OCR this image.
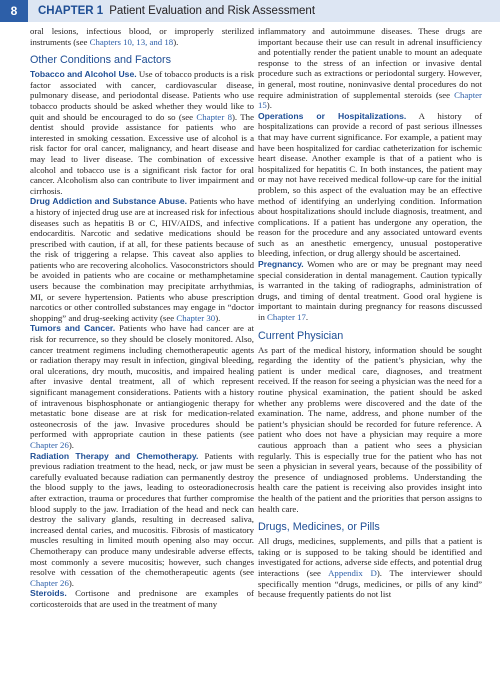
8	CHAPTER 1 Patient Evaluation and Risk Assessment

oral lesions, infectious blood, or improperly sterilized instruments (see Chapters 10, 13, and 18).

Other Conditions and Factors

Tobacco and Alcohol Use. Use of tobacco products is a risk factor associated with cancer, cardiovascular disease, pulmonary disease, and periodontal disease. Patients who use tobacco products should be asked whether they would like to quit and should be encouraged to do so (see Chapter 8). The dentist should provide assistance for patients who are interested in smoking cessation. Excessive use of alcohol is a risk factor for oral cancer, malignancy, and heart disease and may lead to liver disease. The combination of excessive alcohol and tobacco use is a significant risk factor for oral cancer. Alcoholism also can contribute to liver impairment and cirrhosis.

Drug Addiction and Substance Abuse. Patients who have a history of injected drug use are at increased risk for infectious diseases such as hepatitis B or C, HIV/AIDS, and infective endocarditis. Narcotic and sedative medications should be prescribed with caution, if at all, for these patients because of the risk of triggering a relapse. This caveat also applies to patients who are recovering alcoholics. Vasoconstrictors should be avoided in patients who are cocaine or methamphetamine users because the combination may precipitate arrhythmias, MI, or severe hypertension. Patients who abuse prescription narcotics or other controlled substances may engage in “doctor shopping” and drug-seeking activity (see Chapter 30).

Tumors and Cancer. Patients who have had cancer are at risk for recurrence, so they should be closely monitored. Also, cancer treatment regimens including chemotherapeutic agents or radiation therapy may result in infection, gingival bleeding, oral ulcerations, dry mouth, mucositis, and impaired healing after invasive dental treatment, all of which represent significant management considerations. Patients with a history of intravenous bisphosphonate or antiangiogenic therapy for metastatic bone disease are at risk for medication-related osteonecrosis of the jaw. Invasive procedures should be performed with appropriate caution in these patients (see Chapter 26).

Radiation Therapy and Chemotherapy. Patients with previous radiation treatment to the head, neck, or jaw must be carefully evaluated because radiation can permanently destroy the blood supply to the jaws, leading to osteoradionecrosis after extraction, trauma or procedures that further compromise blood supply to the jaw. Irradiation of the head and neck can destroy the salivary glands, resulting in decreased saliva, increased dental caries, and mucositis. Fibrosis of masticatory muscles resulting in limited mouth opening also may occur. Chemotherapy can produce many undesirable adverse effects, most commonly a severe mucositis; however, such changes resolve with cessation of the chemotherapeutic agents (see Chapter 26).

Steroids. Cortisone and prednisone are examples of corticosteroids that are used in the treatment of many

inflammatory and autoimmune diseases. These drugs are important because their use can result in adrenal insufficiency and potentially render the patient unable to mount an adequate response to the stress of an infection or invasive dental procedure such as extractions or periodontal surgery. However, in general, most routine, noninvasive dental procedures do not require administration of supplemental steroids (see Chapter 15).

Operations or Hospitalizations. A history of hospitalizations can provide a record of past serious illnesses that may have current significance. For example, a patient may have been hospitalized for cardiac catheterization for ischemic heart disease. Another example is that of a patient who is hospitalized for hepatitis C. In both instances, the patient may or may not have received medical follow-up care for the initial problem, so this aspect of the evaluation may be an effective method of identifying an underlying condition. Information about hospitalizations should include diagnosis, treatment, and complications. If a patient has undergone any operation, the reason for the procedure and any associated untoward events such as an anesthetic emergency, unusual postoperative bleeding, infection, or drug allergy should be ascertained.

Pregnancy. Women who are or may be pregnant may need special consideration in dental management. Caution typically is warranted in the taking of radiographs, administration of drugs, and timing of dental treatment. Good oral hygiene is important to maintain during pregnancy for reasons discussed in Chapter 17.

Current Physician

As part of the medical history, information should be sought regarding the identity of the patient’s physician, why the patient is under medical care, diagnoses, and treatment received. If the reason for seeing a physician was the need for a routine physical examination, the patient should be asked whether any problems were discovered and the date of the examination. The name, address, and phone number of the patient’s physician should be recorded for future reference. A patient who does not have a physician may require a more cautious approach than a patient who sees a physician regularly. This is especially true for the patient who has not seen a physician in several years, because of the possibility of the presence of undiagnosed problems. Understanding the health care the patient is receiving also provides insight into the health of the patient and the priorities that person assigns to health care.

Drugs, Medicines, or Pills

All drugs, medicines, supplements, and pills that a patient is taking or is supposed to be taking should be identified and investigated for actions, adverse side effects, and potential drug interactions (see Appendix D). The interviewer should specifically mention “drugs, medicines, or pills of any kind” because frequently patients do not list
